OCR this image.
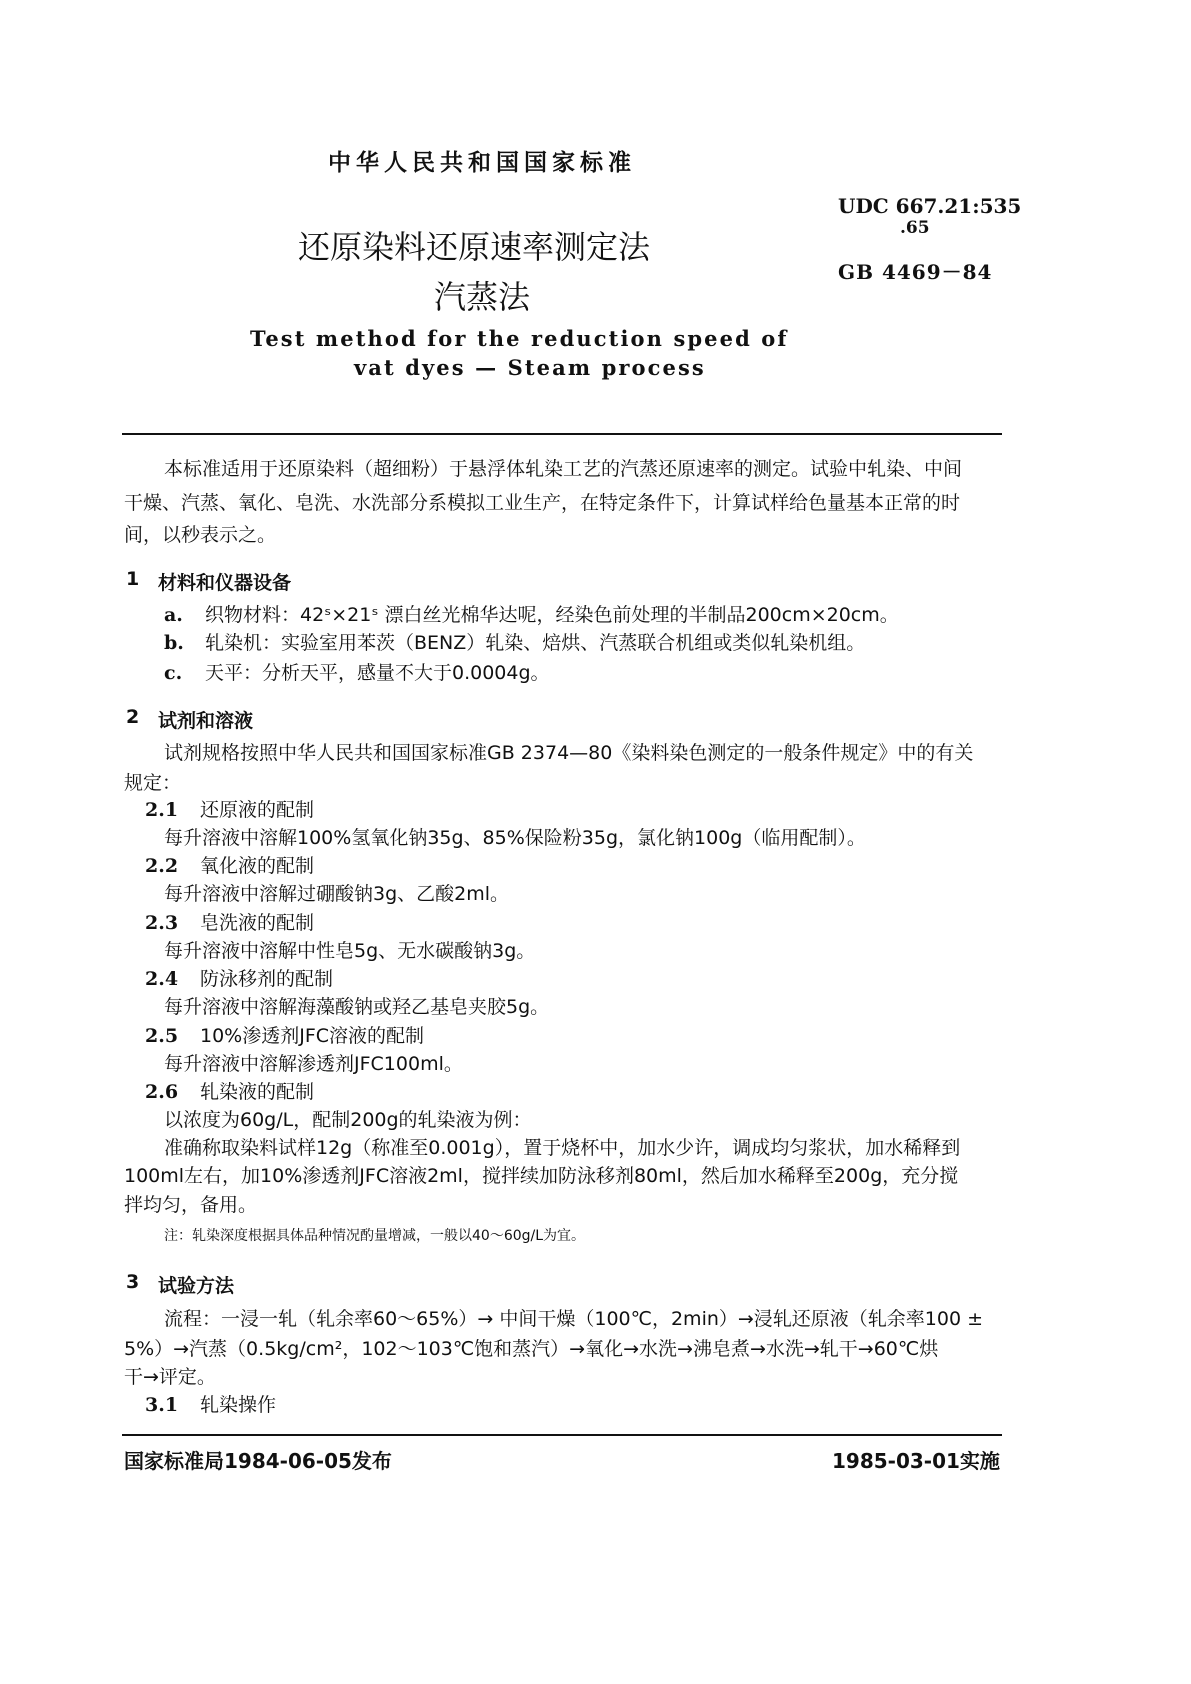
中华人民共和国国家标准
UDC 667.21:535
.65
GB 4469－84
还原染料还原速率测定法
汽蒸法
Test method for the reduction speed of
vat dyes — Steam process
本标准适用于还原染料（超细粉）于悬浮体轧染工艺的汽蒸还原速率的测定。试验中轧染、中间
干燥、汽蒸、氧化、皂洗、水洗部分系模拟工业生产，在特定条件下，计算试样给色量基本正常的时
间，以秒表示之。
1 材料和仪器设备
a. 织物材料：42ˢ×21ˢ 漂白丝光棉华达呢，经染色前处理的半制品200cm×20cm。
b. 轧染机：实验室用苯茨（BENZ）轧染、焙烘、汽蒸联合机组或类似轧染机组。
c. 天平：分析天平，感量不大于0.0004g。
2 试剂和溶液
试剂规格按照中华人民共和国国家标准GB 2374—80《染料染色测定的一般条件规定》中的有关
规定：
2.1 还原液的配制
每升溶液中溶解100%氢氧化钠35g、85%保险粉35g，氯化钠100g（临用配制）。
2.2 氧化液的配制
每升溶液中溶解过硼酸钠3g、乙酸2ml。
2.3 皂洗液的配制
每升溶液中溶解中性皂5g、无水碳酸钠3g。
2.4 防泳移剂的配制
每升溶液中溶解海藻酸钠或羟乙基皂夹胶5g。
2.5 10%渗透剂JFC溶液的配制
每升溶液中溶解渗透剂JFC100ml。
2.6 轧染液的配制
以浓度为60g/L，配制200g的轧染液为例：
准确称取染料试样12g（称准至0.001g），置于烧杯中，加水少许，调成均匀浆状，加水稀释到
100ml左右，加10%渗透剂JFC溶液2ml，搅拌续加防泳移剂80ml，然后加水稀释至200g，充分搅
拌均匀，备用。
注：轧染深度根据具体品种情况酌量增减，一般以40～60g/L为宜。
3 试验方法
流程：一浸一轧（轧余率60～65%）→ 中间干燥（100℃，2min）→浸轧还原液（轧余率100 ±
5%）→汽蒸（0.5kg/cm²，102～103℃饱和蒸汽）→氧化→水洗→沸皂煮→水洗→轧干→60℃烘
干→评定。
3.1 轧染操作
国家标准局1984-06-05发布	1985-03-01实施
